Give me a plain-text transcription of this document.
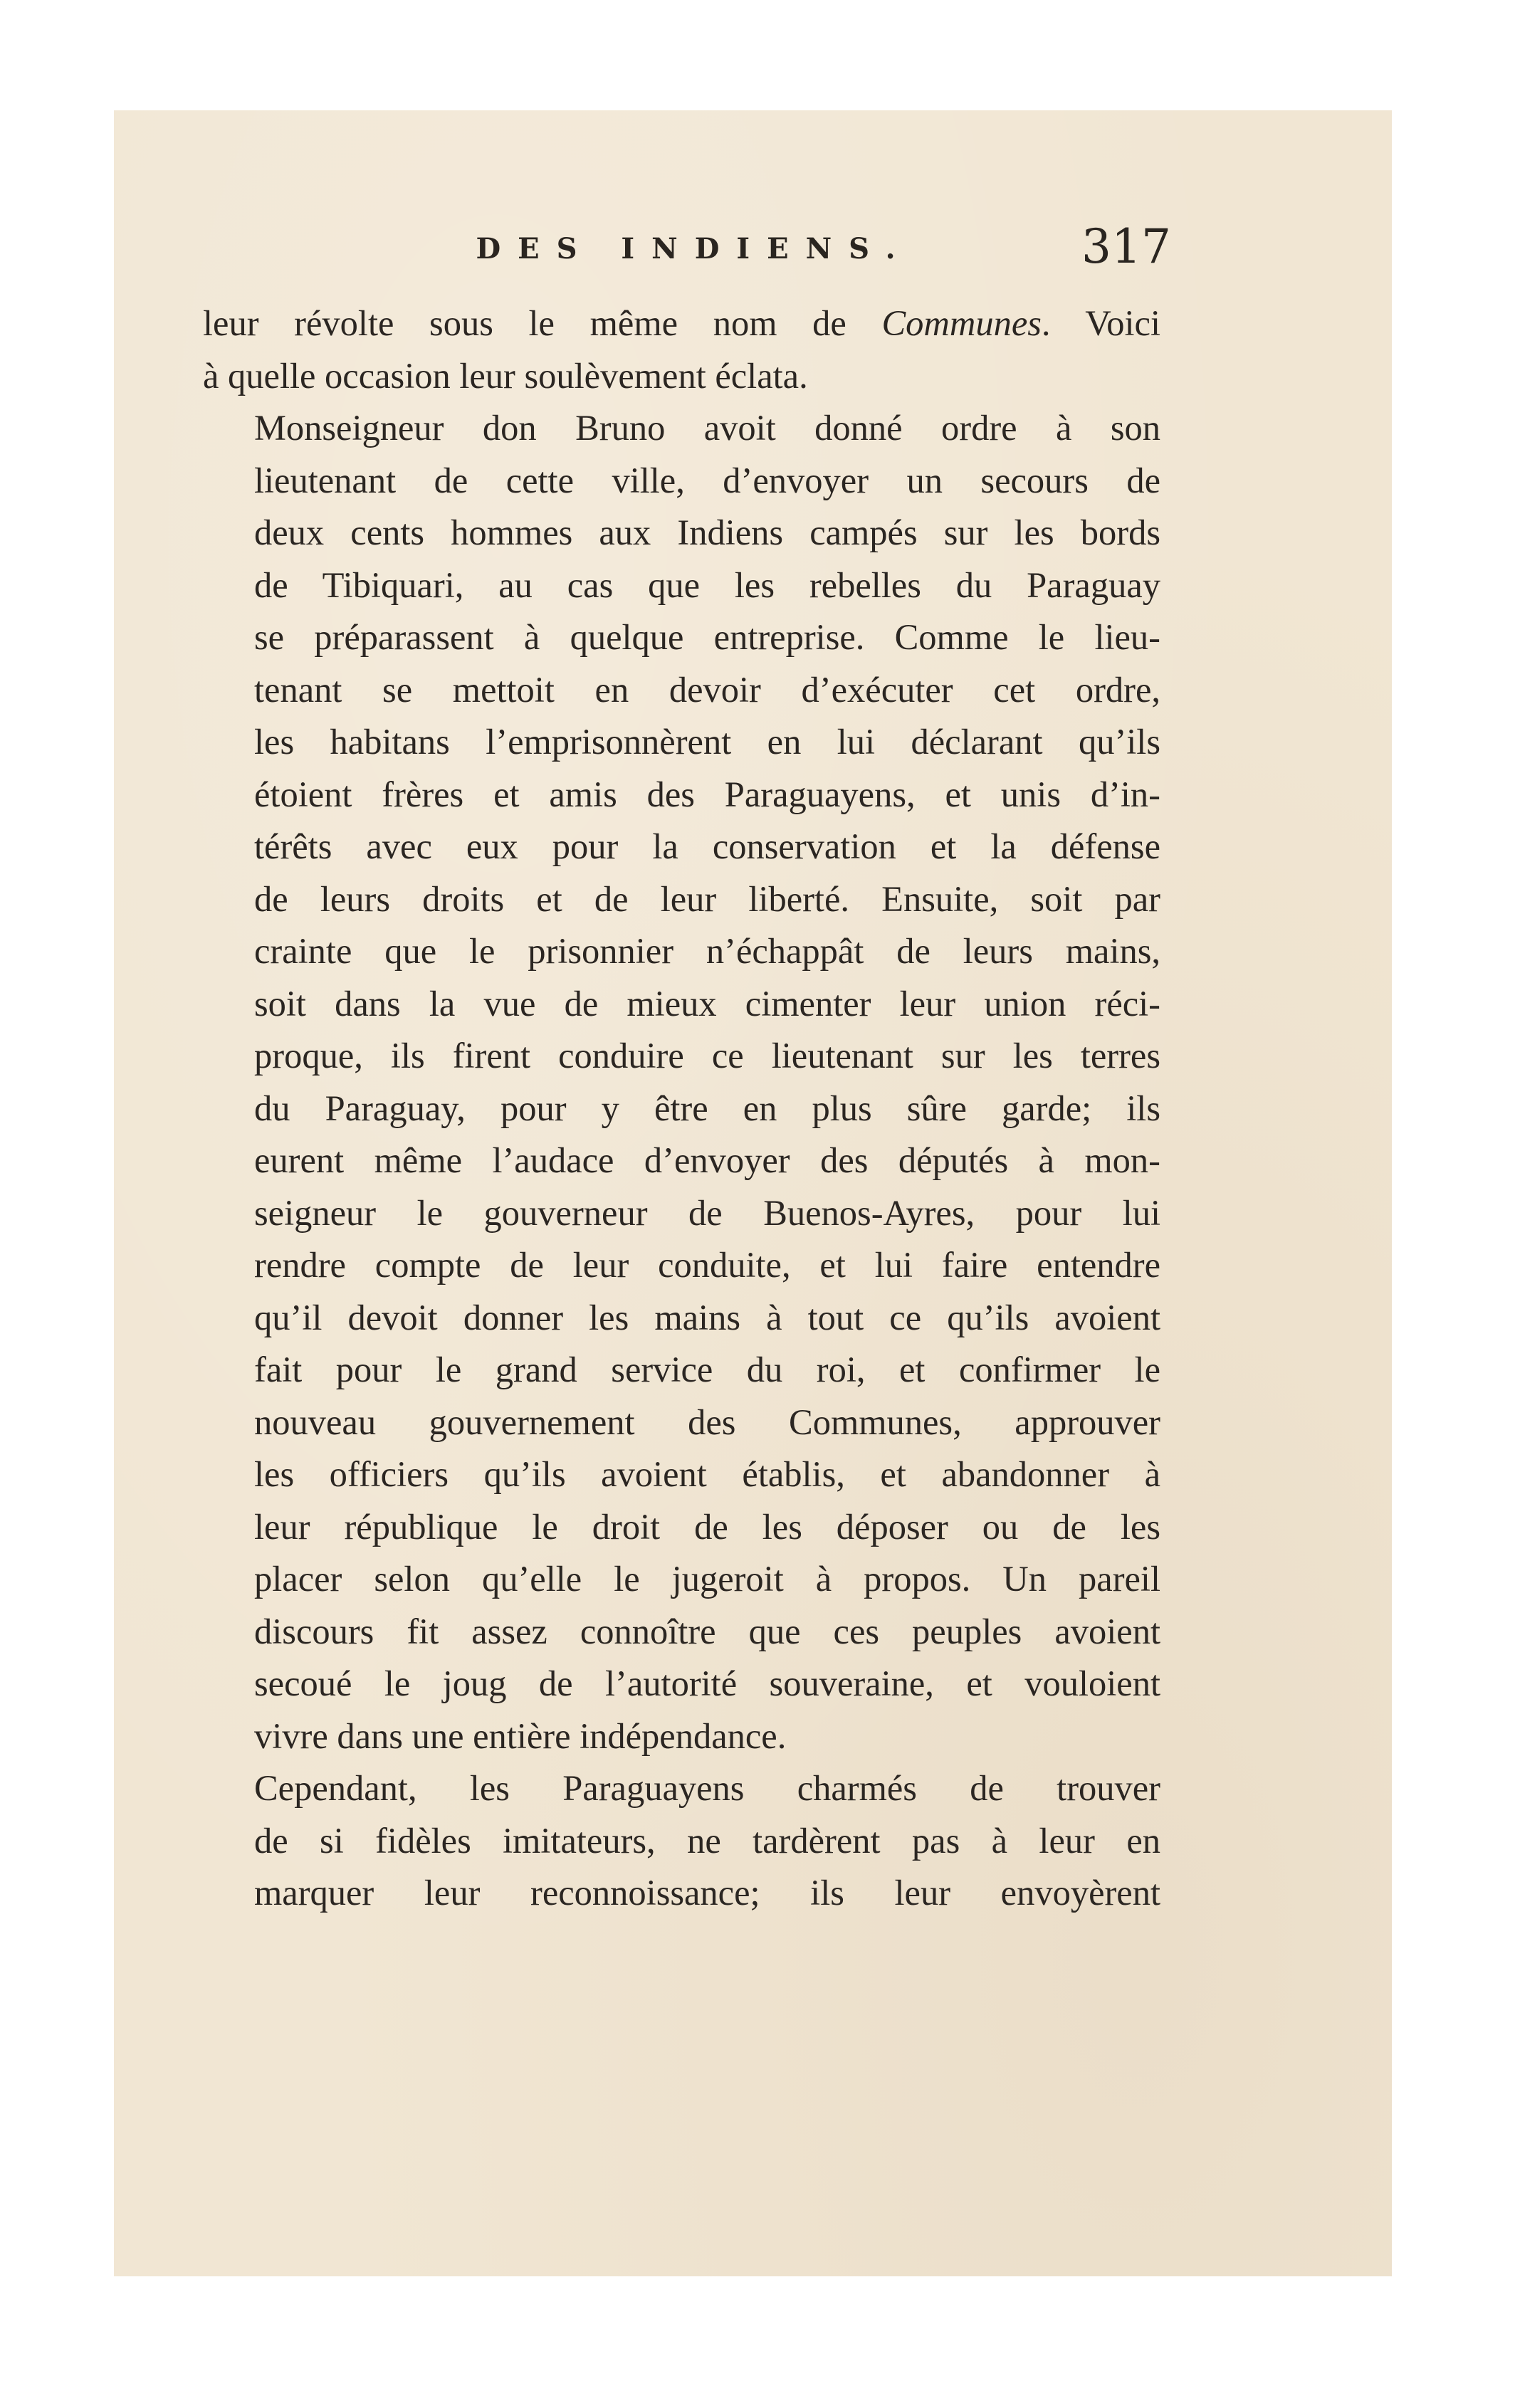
DES INDIENS.	317

leur révolte sous le même nom de Communes. Voici
à quelle occasion leur soulèvement éclata.

Monseigneur don Bruno avoit donné ordre à son
lieutenant de cette ville, d’envoyer un secours de
deux cents hommes aux Indiens campés sur les bords
de Tibiquari, au cas que les rebelles du Paraguay
se préparassent à quelque entreprise. Comme le lieu-
tenant se mettoit en devoir d’exécuter cet ordre,
les habitans l’emprisonnèrent en lui déclarant qu’ils
étoient frères et amis des Paraguayens, et unis d’in-
térêts avec eux pour la conservation et la défense
de leurs droits et de leur liberté. Ensuite, soit par
crainte que le prisonnier n’échappât de leurs mains,
soit dans la vue de mieux cimenter leur union réci-
proque, ils firent conduire ce lieutenant sur les terres
du Paraguay, pour y être en plus sûre garde; ils
eurent même l’audace d’envoyer des députés à mon-
seigneur le gouverneur de Buenos-Ayres, pour lui
rendre compte de leur conduite, et lui faire entendre
qu’il devoit donner les mains à tout ce qu’ils avoient
fait pour le grand service du roi, et confirmer le
nouveau gouvernement des Communes, approuver
les officiers qu’ils avoient établis, et abandonner à
leur république le droit de les déposer ou de les
placer selon qu’elle le jugeroit à propos. Un pareil
discours fit assez connoître que ces peuples avoient
secoué le joug de l’autorité souveraine, et vouloient
vivre dans une entière indépendance.

Cependant, les Paraguayens charmés de trouver
de si fidèles imitateurs, ne tardèrent pas à leur en
marquer leur reconnoissance; ils leur envoyèrent
